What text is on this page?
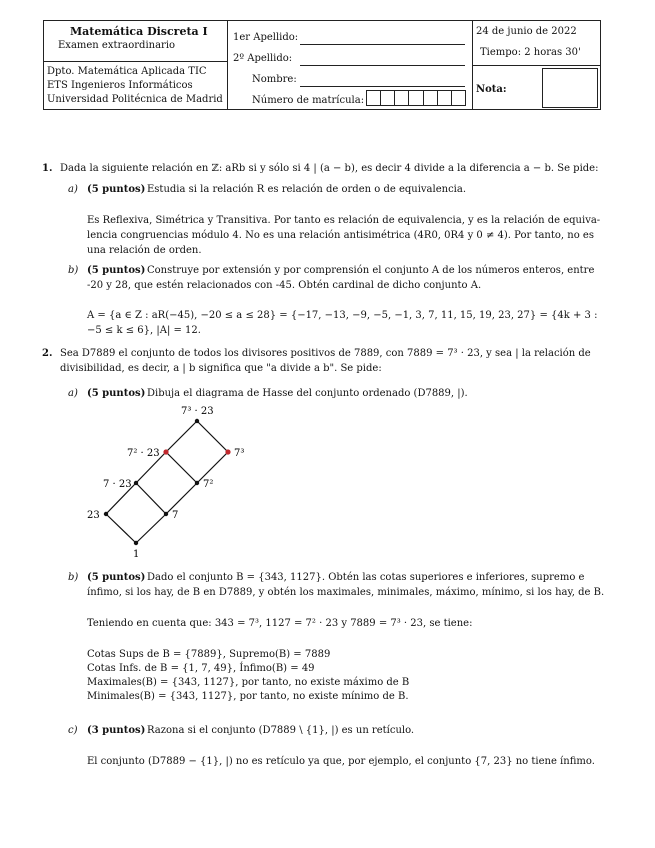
Matemática Discreta I
Examen extraordinario
Dpto. Matemática Aplicada TIC
ETS Ingenieros Informáticos
Universidad Politécnica de Madrid
1er Apellido:
2º Apellido:
Nombre:
Número de matrícula:
24 de junio de 2022
Tiempo: 2 horas 30'
Nota:
1. Dada la siguiente relación en ℤ: aRb si y sólo si 4 | (a − b), es decir 4 divide a la diferencia a − b. Se pide:
a) (5 puntos) Estudia si la relación R es relación de orden o de equivalencia.
Es Reflexiva, Simétrica y Transitiva. Por tanto es relación de equivalencia, y es la relación de equiva-
lencia congruencias módulo 4. No es una relación antisimétrica (4R0, 0R4 y 0 ≠ 4). Por tanto, no es
una relación de orden.
b) (5 puntos) Construye por extensión y por comprensión el conjunto A de los números enteros, entre
-20 y 28, que estén relacionados con -45. Obtén cardinal de dicho conjunto A.
A = {a ∈ Z : aR(−45), −20 ≤ a ≤ 28} = {−17, −13, −9, −5, −1, 3, 7, 11, 15, 19, 23, 27} = {4k + 3 :
−5 ≤ k ≤ 6}, |A| = 12.
2. Sea D7889 el conjunto de todos los divisores positivos de 7889, con 7889 = 7³ · 23, y sea | la relación de
divisibilidad, es decir, a | b significa que "a divide a b". Se pide:
a) (5 puntos) Dibuja el diagrama de Hasse del conjunto ordenado (D7889, |).
1
23	7
7 · 23	7²
7² · 23	7³
7³ · 23
b) (5 puntos) Dado el conjunto B = {343, 1127}. Obtén las cotas superiores e inferiores, supremo e
ínfimo, si los hay, de B en D7889, y obtén los maximales, minimales, máximo, mínimo, si los hay, de B.
Teniendo en cuenta que: 343 = 7³, 1127 = 7² · 23 y 7889 = 7³ · 23, se tiene:
Cotas Sups de B = {7889}, Supremo(B) = 7889
Cotas Infs. de B = {1, 7, 49}, Ínfimo(B) = 49
Maximales(B) = {343, 1127}, por tanto, no existe máximo de B
Minimales(B) = {343, 1127}, por tanto, no existe mínimo de B.
c) (3 puntos) Razona si el conjunto (D7889 \ {1}, |) es un retículo.
El conjunto (D7889 − {1}, |) no es retículo ya que, por ejemplo, el conjunto {7, 23} no tiene ínfimo.
